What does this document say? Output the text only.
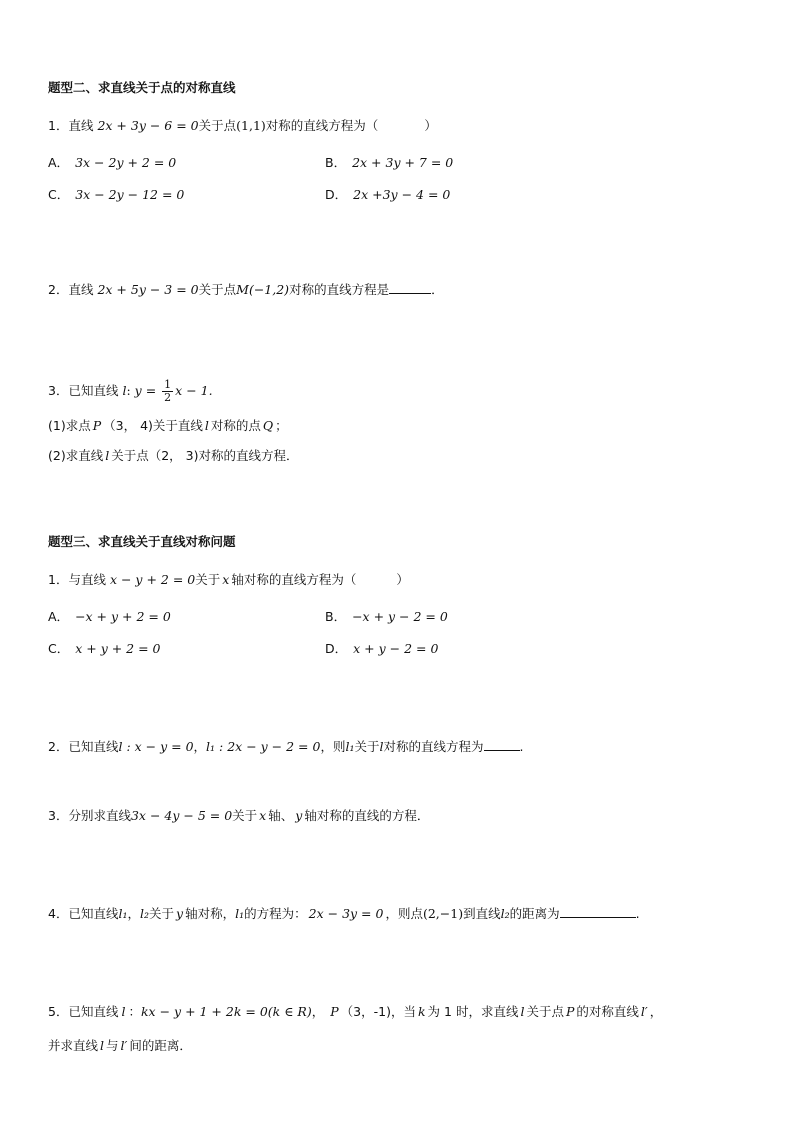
题型二、求直线关于点的对称直线
1．直线 2x + 3y − 6 = 0关于点(1,1)对称的直线方程为（	）
A． 3x − 2y + 2 = 0	B． 2x + 3y + 7 = 0
C． 3x − 2y − 12 = 0	D． 2x +3y − 4 = 0
2．直线 2x + 5y − 3 = 0关于点M(−1,2)对称的直线方程是	．
3．已知直线 l: $y = \frac{1}{2}$ x − 1.
(1)求点 P （3， 4)关于直线 l 对称的点 Q ；
(2)求直线 l 关于点（2， 3)对称的直线方程．
题型三、求直线关于直线对称问题
1．与直线 x − y + 2 = 0关于 x 轴对称的直线方程为（	）
A． −x + y + 2 = 0	B． −x + y − 2 = 0
C． x + y + 2 = 0	D． x + y − 2 = 0
2．已知直线l : x − y = 0，l₁ : 2x − y − 2 = 0，则l₁关于l对称的直线方程为	.
3．分别求直线3x − 4y − 5 = 0关于 x 轴、 y 轴对称的直线的方程．
4．已知直线l₁，l₂关于 y 轴对称，l₁的方程为： 2x − 3y = 0 ，则点(2,−1)到直线l₂的距离为	.
5．已知直线 l ：kx − y + 1 + 2k = 0(k ∈ R)， P （3，-1)，当 k 为 1 时，求直线 l 关于点 P 的对称直线 l′ ，
并求直线 l 与 l′ 间的距离．
